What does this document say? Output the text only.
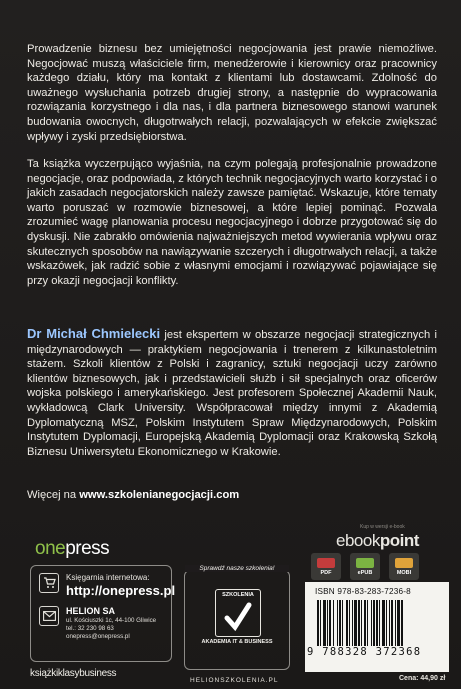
Prowadzenie biznesu bez umiejętności negocjowania jest prawie niemożliwe. Negocjować muszą właściciele firm, menedżerowie i kierownicy oraz pracownicy każdego działu, który ma kontakt z klientami lub dostawcami. Zdolność do uważnego wysłuchania potrzeb drugiej strony, a następnie do wypracowania rozwiązania korzystnego i dla nas, i dla partnera biznesowego stanowi warunek budowania owocnych, długotrwałych relacji, pozwalających w efekcie zwiększać wpływy i zyski przedsiębiorstwa.
Ta książka wyczerpująco wyjaśnia, na czym polegają profesjonalnie prowadzone negocjacje, oraz podpowiada, z których technik negocjacyjnych warto korzystać i o jakich zasadach negocjatorskich należy zawsze pamiętać. Wskazuje, które tematy warto poruszać w rozmowie biznesowej, a które lepiej pominąć. Pozwala zrozumieć wagę planowania procesu negocjacyjnego i dobrze przygotować się do dyskusji. Nie zabrakło omówienia najważniejszych metod wywierania wpływu oraz skutecznych sposobów na nawiązywanie szczerych i długotrwałych relacji, a także wskazówek, jak radzić sobie z własnymi emocjami i rozwiązywać pojawiające się przy okazji negocjacji konflikty.
Dr Michał Chmielecki jest ekspertem w obszarze negocjacji strategicznych i międzynarodowych — praktykiem negocjowania i trenerem z kilkunastoletnim stażem. Szkoli klientów z Polski i zagranicy, sztuki negocjacji uczy zarówno klientów biznesowych, jak i przedstawicieli służb i sił specjalnych oraz oficerów wojska polskiego i amerykańskiego. Jest profesorem Społecznej Akademii Nauk, wykładowcą Clark University. Współpracował między innymi z Akademią Dyplomatyczną MSZ, Polskim Instytutem Spraw Międzynarodowych, Polskim Instytutem Dyplomacji, Europejską Akademią Dyplomacji oraz Krakowską Szkołą Biznesu Uniwersytetu Ekonomicznego w Krakowie.
Więcej na www.szkolenianegocjacji.com
onepress
Księgarnia internetowa:
http://onepress.pl
HELION SA
ul. Kościuszki 1c, 44-100 Gliwice
tel.: 32 230 98 63
onepress@onepress.pl
książkiklasybusiness
Sprawdź nasze szkolenia!
SZKOLENIA
AKADEMIA IT & BUSINESS
HELIONSZKOLENIA.PL
Kup w wersji e-book
ebookpoint
PDF	ePUB	MOBI
ISBN 978-83-283-7236-8
9 788328 372368
Cena: 44,90 zł
